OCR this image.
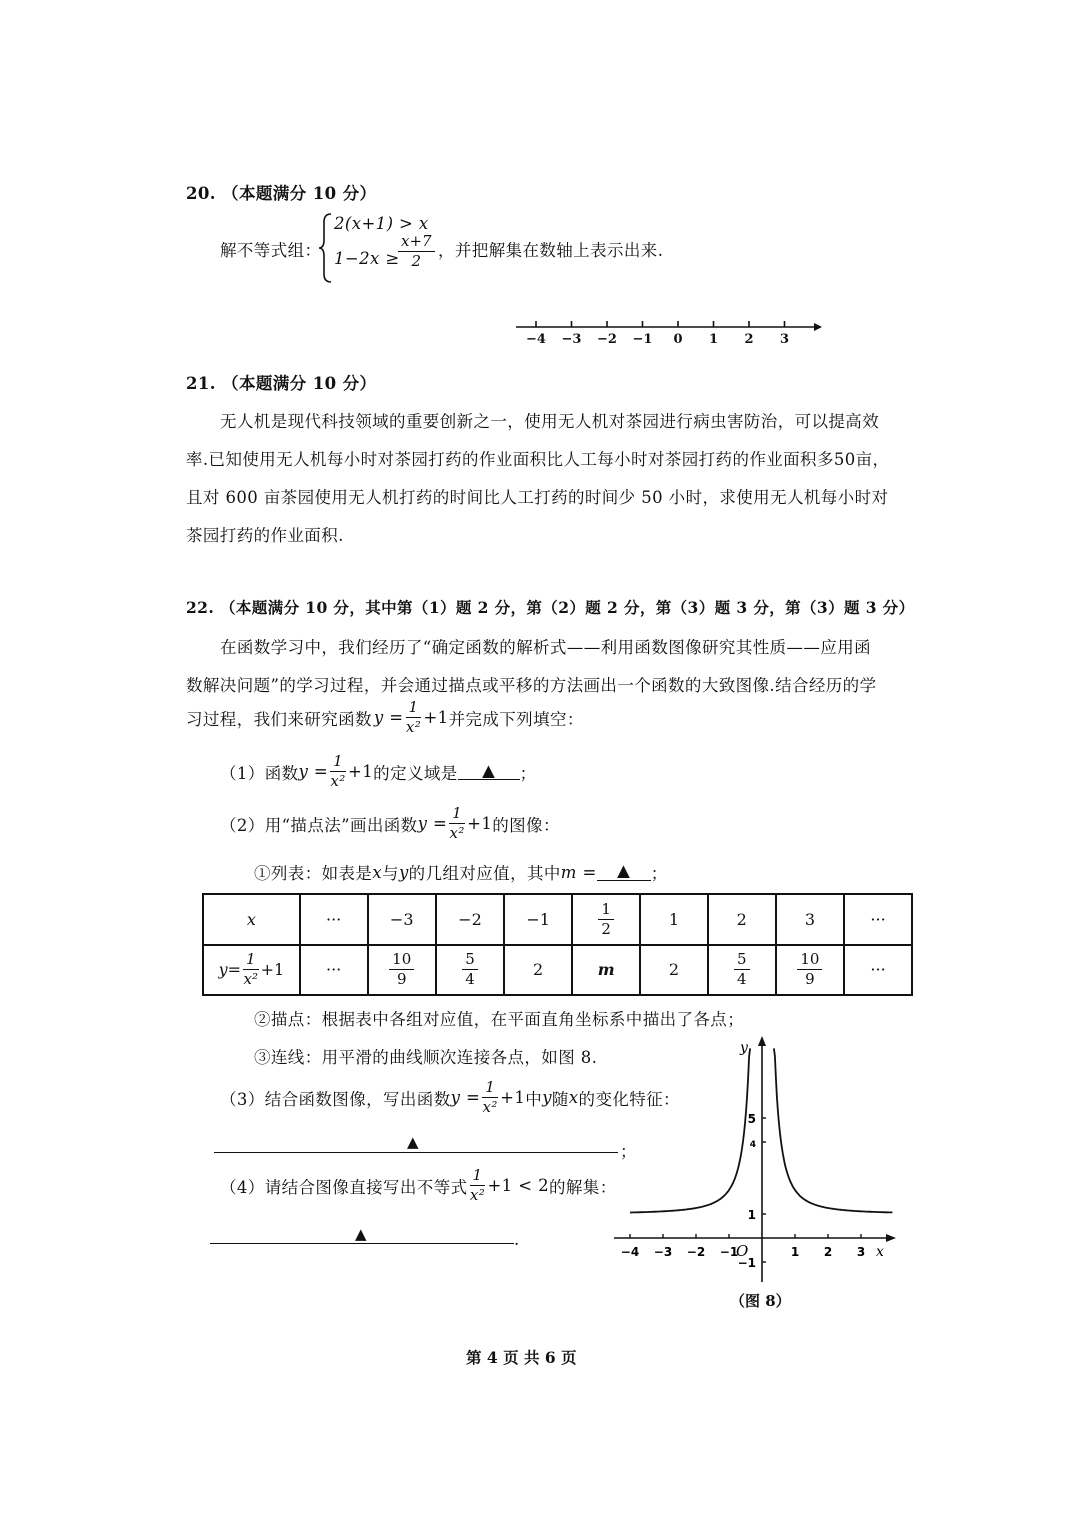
20. （本题满分 10 分）
解不等式组：
2(x+1) > x
1−2x ≥
$\frac{x+7}{2}$ ，并把解集在数轴上表示出来.
−4 −3 −2 −1 0 1 2 3
21. （本题满分 10 分）
无人机是现代科技领域的重要创新之一，使用无人机对茶园进行病虫害防治，可以提高效
率.已知使用无人机每小时对茶园打药的作业面积比人工每小时对茶园打药的作业面积多50亩，
且对 600 亩茶园使用无人机打药的时间比人工打药的时间少 50 小时，求使用无人机每小时对
茶园打药的作业面积.
22. （本题满分 10 分，其中第（1）题 2 分，第（2）题 2 分，第（3）题 3 分，第（3）题 3 分）
在函数学习中，我们经历了“确定函数的解析式——利用函数图像研究其性质——应用函
数解决问题”的学习过程，并会通过描点或平移的方法画出一个函数的大致图像.结合经历的学
习过程，我们来研究函数 $y = \frac{1}{\text{x²}} +1$ 并完成下列填空：
（1）函数 $y = \frac{1}{\text{x²}} +1$ 的定义域是	▲	；
（2）用“描点法”画出函数 $y = \frac{1}{\text{x²}} +1$ 的图像：
①列表：如表是 x 与 y 的几组对应值，其中 m =	▲	；
x	···	−3	−2	−1	$\frac{1}{2}$	1	2	3	···

$y= \frac{1}{\text{x²}} +1$	···	$\frac{10}{9}$	$\frac{5}{4}$	2	m	2	$\frac{5}{4}$	$\frac{10}{9}$	···
②描点：根据表中各组对应值，在平面直角坐标系中描出了各点；
③连线：用平滑的曲线顺次连接各点，如图 8.
（3）结合函数图像，写出函数 $y = \frac{1}{\text{x²}} +1$ 中 y 随 x 的变化特征：
▲	；
（4）请结合图像直接写出不等式 $\frac{1}{\text{x²}} +1 < 2$ 的解集：
▲	.
−4 −3 −2 −1	1 2 3
5
4
1
−1
y
x
O
（图 8）
第 4 页 共 6 页
